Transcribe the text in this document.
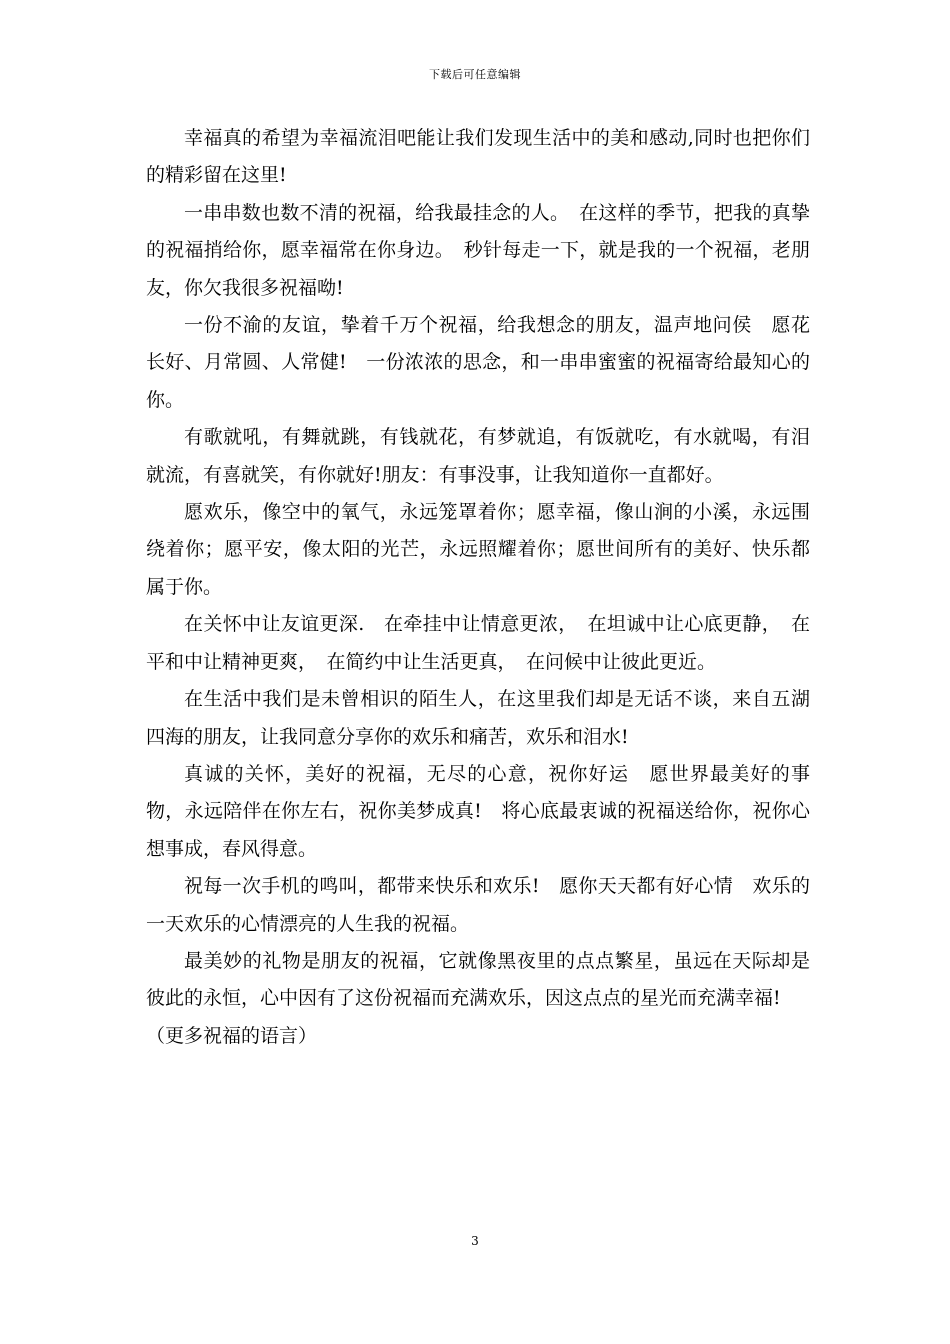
下载后可任意编辑

幸福真的希望为幸福流泪吧能让我们发现生活中的美和感动,同时也把你们的精彩留在这里!

一串串数也数不清的祝福，给我最挂念的人。　在这样的季节，把我的真挚的祝福捎给你，愿幸福常在你身边。　秒针每走一下，就是我的一个祝福，老朋友，你欠我很多祝福呦!

一份不渝的友谊，挚着千万个祝福，给我想念的朋友，温声地问侯　愿花长好、月常圆、人常健!　一份浓浓的思念，和一串串蜜蜜的祝福寄给最知心的你。

有歌就吼，有舞就跳，有钱就花，有梦就追，有饭就吃，有水就喝，有泪就流，有喜就笑，有你就好!朋友：有事没事，让我知道你一直都好。

愿欢乐，像空中的氧气，永远笼罩着你；愿幸福，像山涧的小溪，永远围绕着你；愿平安，像太阳的光芒，永远照耀着你；愿世间所有的美好、快乐都属于你。

在关怀中让友谊更深.　在牵挂中让情意更浓，　在坦诚中让心底更静，　在平和中让精神更爽，　在简约中让生活更真，　在问候中让彼此更近。

在生活中我们是未曾相识的陌生人，在这里我们却是无话不谈，来自五湖四海的朋友，让我同意分享你的欢乐和痛苦，欢乐和泪水!

真诚的关怀，美好的祝福，无尽的心意，祝你好运　愿世界最美好的事物，永远陪伴在你左右，祝你美梦成真!　将心底最衷诚的祝福送给你，祝你心想事成，春风得意。

祝每一次手机的鸣叫，都带来快乐和欢乐!　愿你天天都有好心情　欢乐的一天欢乐的心情漂亮的人生我的祝福。

最美妙的礼物是朋友的祝福，它就像黑夜里的点点繁星，虽远在天际却是彼此的永恒，心中因有了这份祝福而充满欢乐，因这点点的星光而充满幸福!

（更多祝福的语言）

3
